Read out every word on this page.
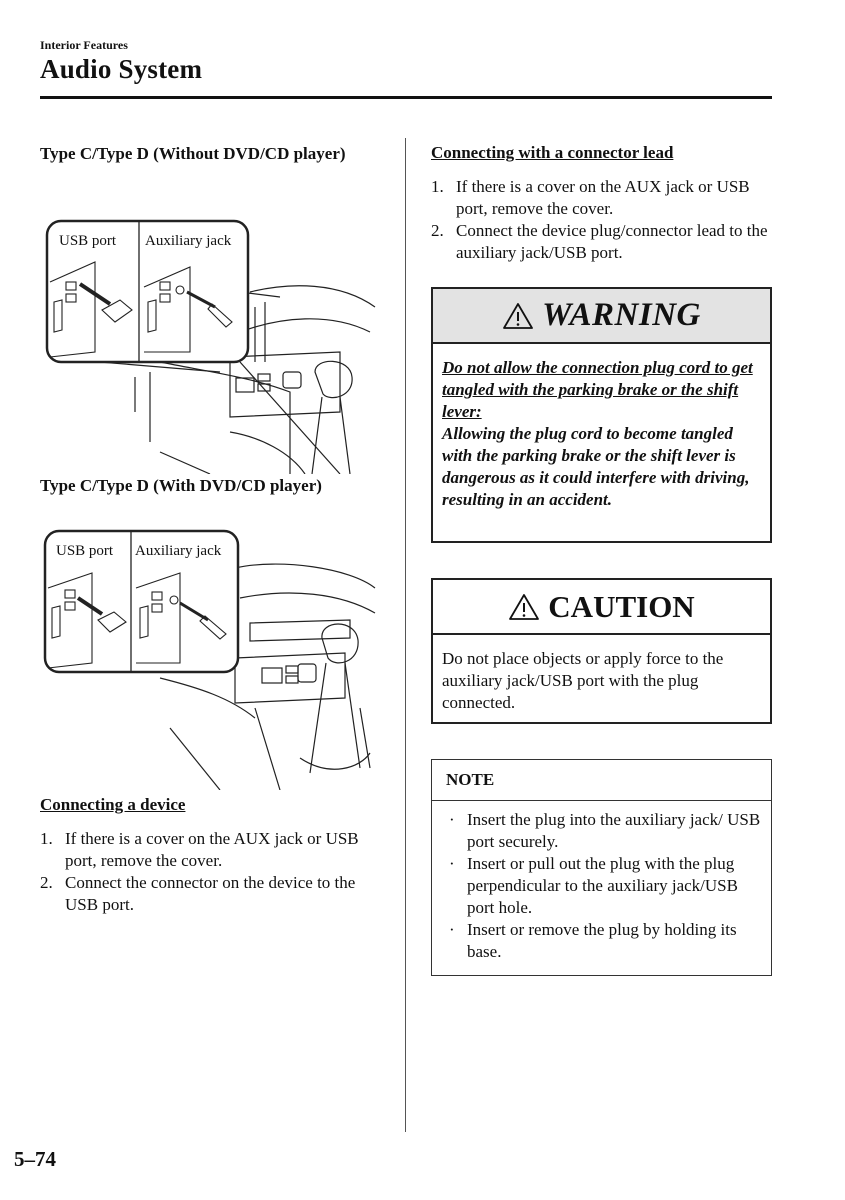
Interior Features
Audio System
Type C/Type D (Without DVD/CD player)
USB port Auxiliary jack
Type C/Type D (With DVD/CD player)
USB port Auxiliary jack
Connecting a device
1. If there is a cover on the AUX jack or USB port, remove the cover.
2. Connect the connector on the device to the USB port.
Connecting with a connector lead
1. If there is a cover on the AUX jack or USB port, remove the cover.
2. Connect the device plug/connector lead to the auxiliary jack/USB port.
WARNING
Do not allow the connection plug cord to get tangled with the parking brake or the shift lever:
Allowing the plug cord to become tangled with the parking brake or the shift lever is dangerous as it could interfere with driving, resulting in an accident.
CAUTION
Do not place objects or apply force to the auxiliary jack/USB port with the plug connected.
NOTE
· Insert the plug into the auxiliary jack/ USB port securely.
· Insert or pull out the plug with the plug perpendicular to the auxiliary jack/USB port hole.
· Insert or remove the plug by holding its base.
5–74
